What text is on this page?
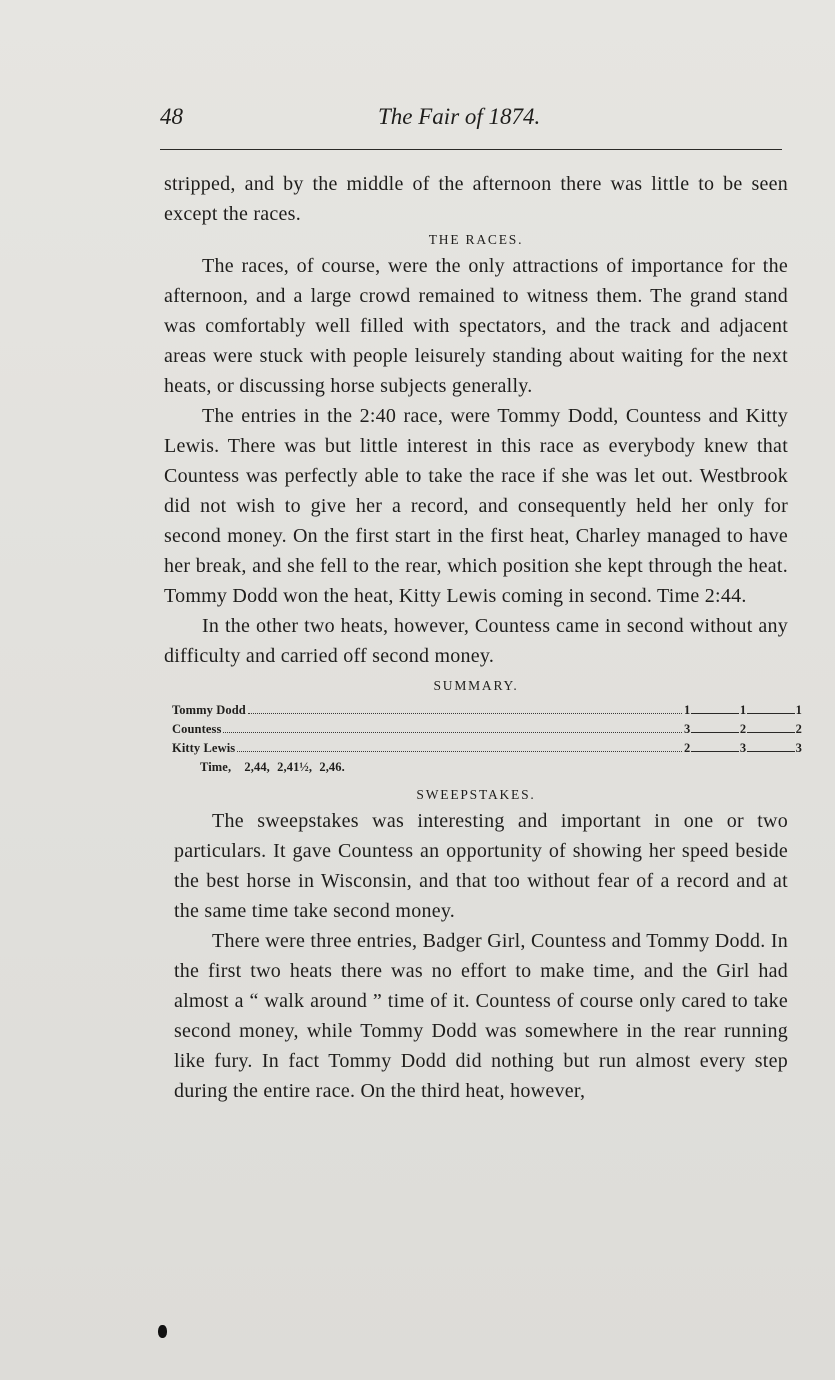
48	The Fair of 1874.

stripped, and by the middle of the afternoon there was little to be seen except the races.

THE RACES.

The races, of course, were the only attractions of importance for the afternoon, and a large crowd remained to witness them. The grand stand was comfortably well filled with spectators, and the track and adjacent areas were stuck with people leisurely standing about waiting for the next heats, or discussing horse subjects generally.

The entries in the 2:40 race, were Tommy Dodd, Countess and Kitty Lewis. There was but little interest in this race as everybody knew that Countess was perfectly able to take the race if she was let out. Westbrook did not wish to give her a record, and consequently held her only for second money. On the first start in the first heat, Charley managed to have her break, and she fell to the rear, which position she kept through the heat. Tommy Dodd won the heat, Kitty Lewis coming in second. Time 2:44.

In the other two heats, however, Countess came in second without any difficulty and carried off second money.

SUMMARY.

Tommy Dodd	1	1	1
Countess	3	2	2
Kitty Lewis	2	3	3
Time, 2,44, 2,41½, 2,46.

SWEEPSTAKES.

The sweepstakes was interesting and important in one or two particulars. It gave Countess an opportunity of showing her speed beside the best horse in Wisconsin, and that too without fear of a record and at the same time take second money.

There were three entries, Badger Girl, Countess and Tommy Dodd. In the first two heats there was no effort to make time, and the Girl had almost a “ walk around ” time of it. Countess of course only cared to take second money, while Tommy Dodd was somewhere in the rear running like fury. In fact Tommy Dodd did nothing but run almost every step during the entire race. On the third heat, however,
